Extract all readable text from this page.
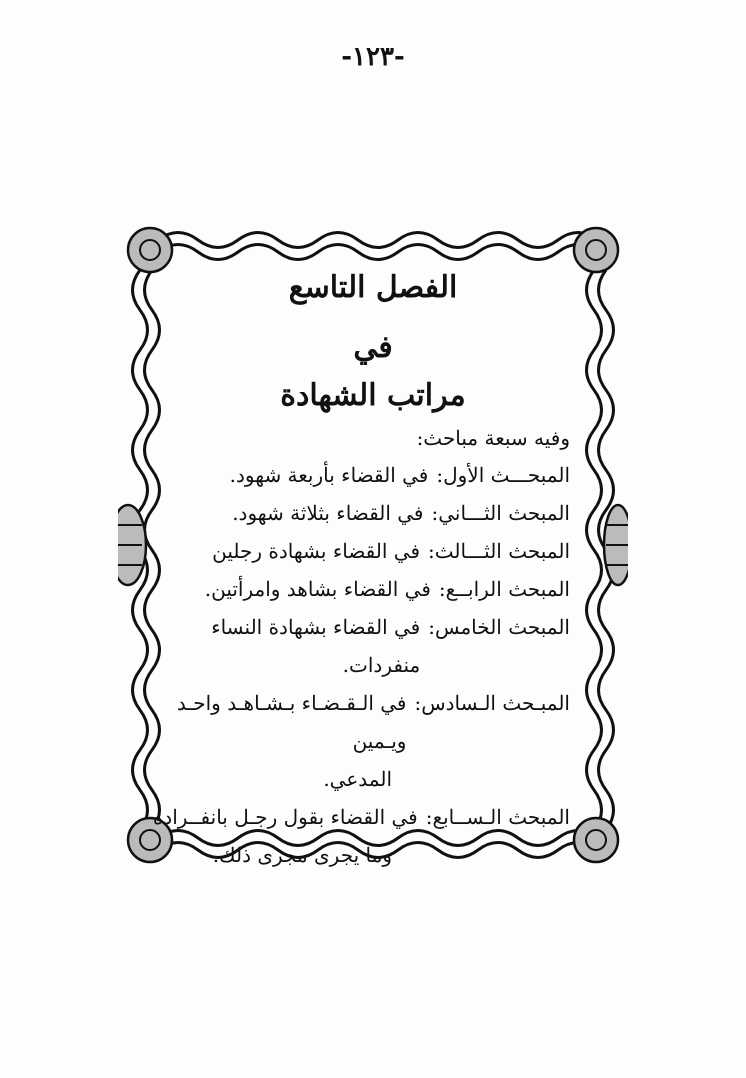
-١٢٣-
الفصل التاسع
في
مراتب الشهادة
وفيه سبعة مباحث:
المبحـــث الأول:
في القضاء بأربعة شهود.
المبحث الثـــاني:
في القضاء بثلاثة شهود.
المبحث الثـــالث:
في القضاء بشهادة رجلين
المبحث الرابــع:
في القضاء بشاهد وامرأتين.
المبحث الخامس:
في القضاء بشهادة النساء منفردات.
المبـحث الـسادس:
في الـقـضـاء بـشـاهـد واحـد ويـمين
المدعي.
المبحث الـســابع:
في القضاء بقول رجـل بانفــراده
وما يجرى مجرى ذلك.
